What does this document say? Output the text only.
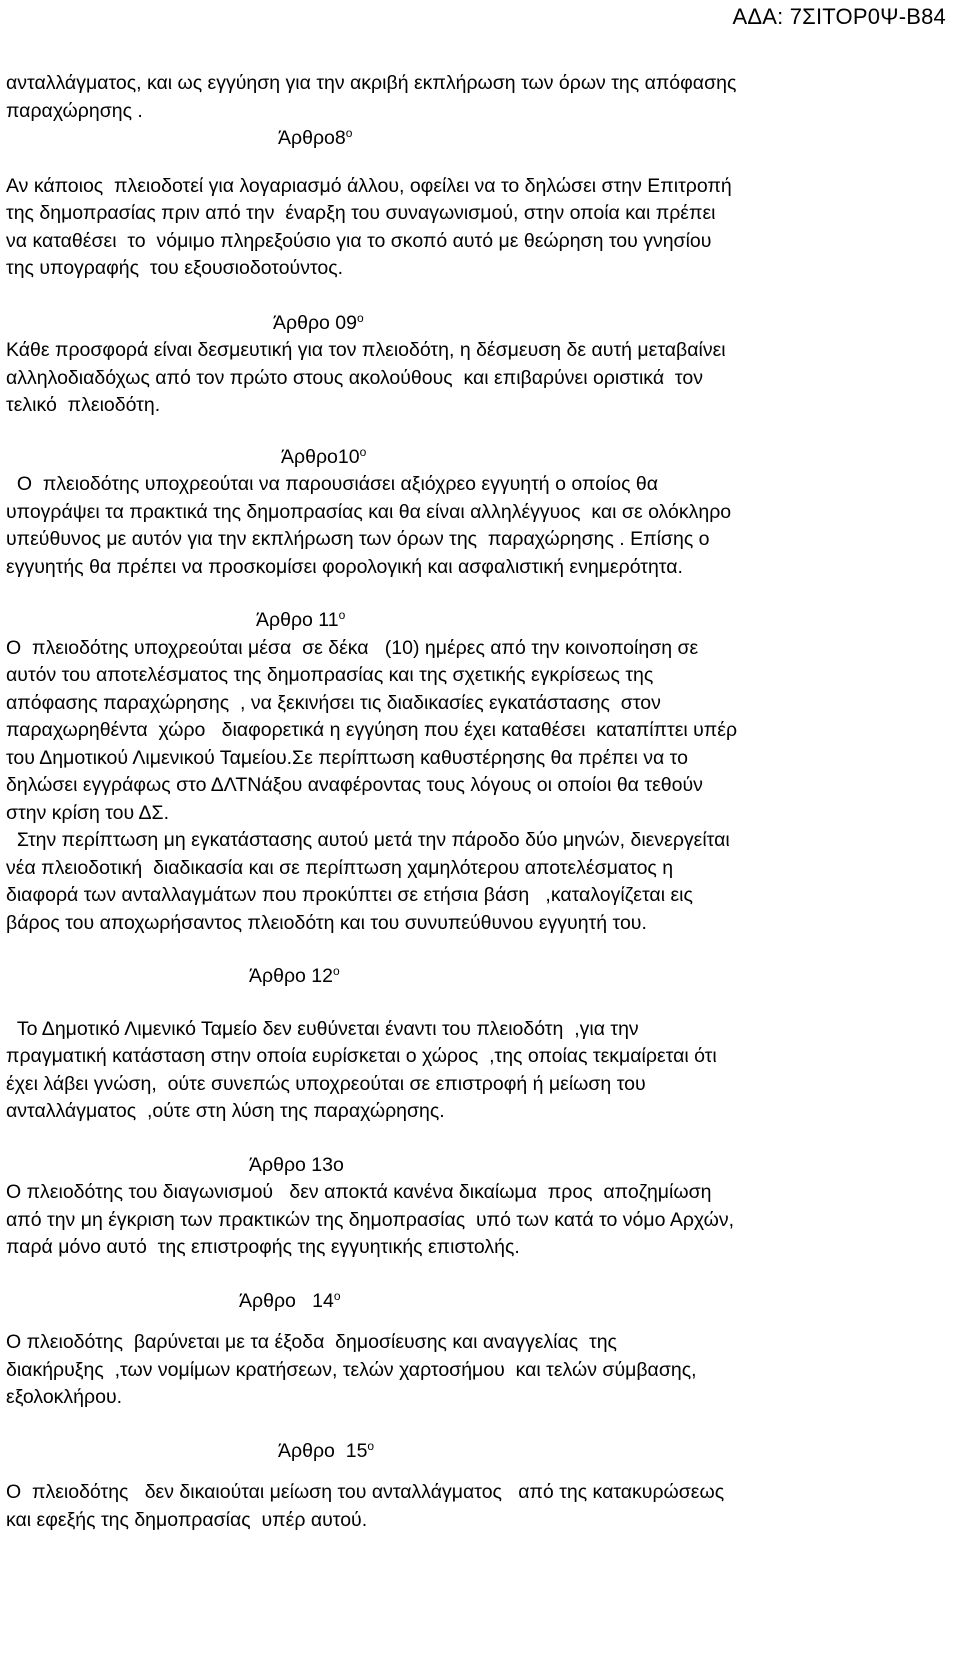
ΑΔΑ: 7ΣΙΤΟΡ0Ψ-Β84

ανταλλάγματος, και ως εγγύηση για την ακριβή εκπλήρωση των όρων της απόφασης

παραχώρησης .

$Ά\rho\theta\rho o8^o$

Αν κάποιος  πλειοδοτεί για λογαριασμό άλλου, οφείλει να το δηλώσει στην Επιτροπή

της δημοπρασίας πριν από την  έναρξη του συναγωνισμού, στην οποία και πρέπει

να καταθέσει  το  νόμιμο πληρεξούσιο για το σκοπό αυτό με θεώρηση του γνησίου

της υπογραφής  του εξουσιοδοτούντος.

Άρθρο $09^o$

Κάθε προσφορά είναι δεσμευτική για τον πλειοδότη, η δέσμευση δε αυτή μεταβαίνει

αλληλοδιαδόχως από τον πρώτο στους ακολούθους  και επιβαρύνει οριστικά  τον

τελικό  πλειοδότη.

$Ά\rho\theta\rho o10^o$

Ο  πλειοδότης υποχρεούται να παρουσιάσει αξιόχρεο εγγυητή ο οποίος θα

υπογράψει τα πρακτικά της δημοπρασίας και θα είναι αλληλέγγυος  και σε ολόκληρο

υπεύθυνος με αυτόν για την εκπλήρωση των όρων της  παραχώρησης . Επίσης ο

εγγυητής θα πρέπει να προσκομίσει φορολογική και ασφαλιστική ενημερότητα.

Άρθρο $11^o$

Ο  πλειοδότης υποχρεούται μέσα  σε δέκα   (10) ημέρες από την κοινοποίηση σε

αυτόν του αποτελέσματος της δημοπρασίας και της σχετικής εγκρίσεως της

απόφασης παραχώρησης  , να ξεκινήσει τις διαδικασίες εγκατάστασης  στον

παραχωρηθέντα  χώρο   διαφορετικά η εγγύηση που έχει καταθέσει  καταπίπτει υπέρ

του Δημοτικού Λιμενικού Ταμείου.Σε περίπτωση καθυστέρησης θα πρέπει να το

δηλώσει εγγράφως στο ΔΛΤΝάξου αναφέροντας τους λόγους οι οποίοι θα τεθούν

στην κρίση του ΔΣ.

Στην περίπτωση μη εγκατάστασης αυτού μετά την πάροδο δύο μηνών, διενεργείται

νέα πλειοδοτική  διαδικασία και σε περίπτωση χαμηλότερου αποτελέσματος η

διαφορά των ανταλλαγμάτων που προκύπτει σε ετήσια βάση   ,καταλογίζεται εις

βάρος του αποχωρήσαντος πλειοδότη και του συνυπεύθυνου εγγυητή του.

Άρθρο $12^o$

Το Δημοτικό Λιμενικό Ταμείο δεν ευθύνεται έναντι του πλειοδότη  ,για την

πραγματική κατάσταση στην οποία ευρίσκεται ο χώρος  ,της οποίας τεκμαίρεται ότι

έχει λάβει γνώση,  ούτε συνεπώς υποχρεούται σε επιστροφή ή μείωση του

ανταλλάγματος  ,ούτε στη λύση της παραχώρησης.

Άρθρο 13ο

Ο πλειοδότης του διαγωνισμού   δεν αποκτά κανένα δικαίωμα  προς  αποζημίωση

από την μη έγκριση των πρακτικών της δημοπρασίας  υπό των κατά το νόμο Αρχών,

παρά μόνο αυτό  της επιστροφής της εγγυητικής επιστολής.

Άρθρο   $14^o$

Ο πλειοδότης  βαρύνεται με τα έξοδα  δημοσίευσης και αναγγελίας  της

διακήρυξης  ,των νομίμων κρατήσεων, τελών χαρτοσήμου  και τελών σύμβασης,

εξολοκλήρου.

Άρθρο  $15^o$

Ο  πλειοδότης   δεν δικαιούται μείωση του ανταλλάγματος   από της κατακυρώσεως

και εφεξής της δημοπρασίας  υπέρ αυτού.
